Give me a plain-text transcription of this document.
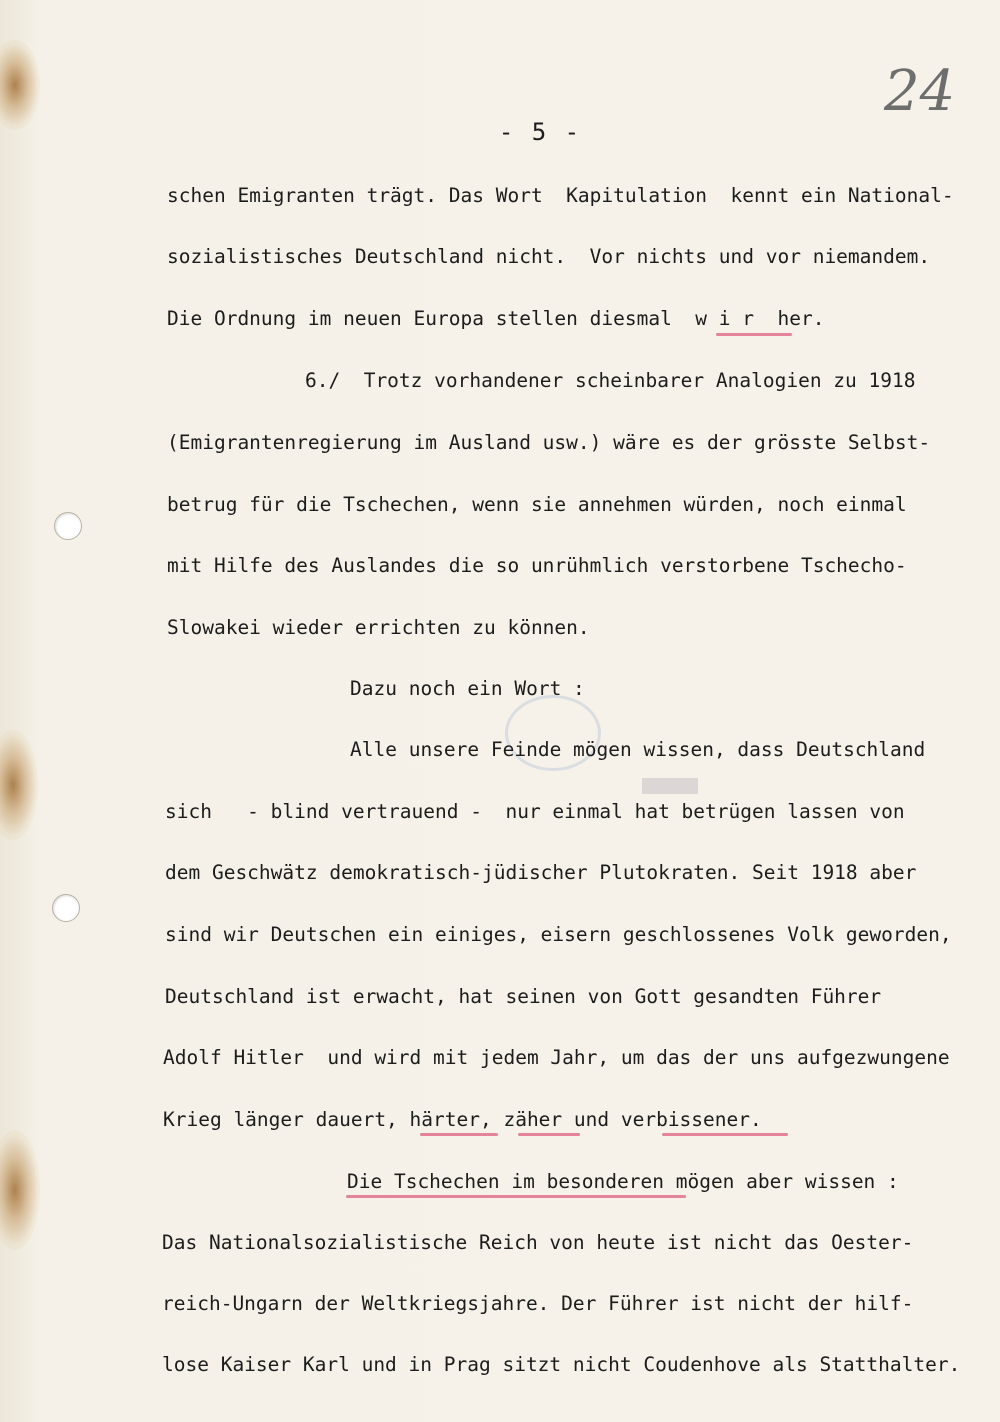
24
- 5 -
schen Emigranten trägt. Das Wort  Kapitulation  kennt ein National-
sozialistisches Deutschland nicht.  Vor nichts und vor niemandem.
Die Ordnung im neuen Europa stellen diesmal  w i r  her.
6./  Trotz vorhandener scheinbarer Analogien zu 1918
(Emigrantenregierung im Ausland usw.) wäre es der grösste Selbst-
betrug für die Tschechen, wenn sie annehmen würden, noch einmal
mit Hilfe des Auslandes die so unrühmlich verstorbene Tschecho-
Slowakei wieder errichten zu können.
Dazu noch ein Wort :
Alle unsere Feinde mögen wissen, dass Deutschland
sich   - blind vertrauend -  nur einmal hat betrügen lassen von
dem Geschwätz demokratisch-jüdischer Plutokraten. Seit 1918 aber
sind wir Deutschen ein einiges, eisern geschlossenes Volk geworden,
Deutschland ist erwacht, hat seinen von Gott gesandten Führer
Adolf Hitler  und wird mit jedem Jahr, um das der uns aufgezwungene
Krieg länger dauert, härter, zäher und verbissener.
Die Tschechen im besonderen mögen aber wissen :
Das Nationalsozialistische Reich von heute ist nicht das Oester-
reich-Ungarn der Weltkriegsjahre. Der Führer ist nicht der hilf-
lose Kaiser Karl und in Prag sitzt nicht Coudenhove als Statthalter.
